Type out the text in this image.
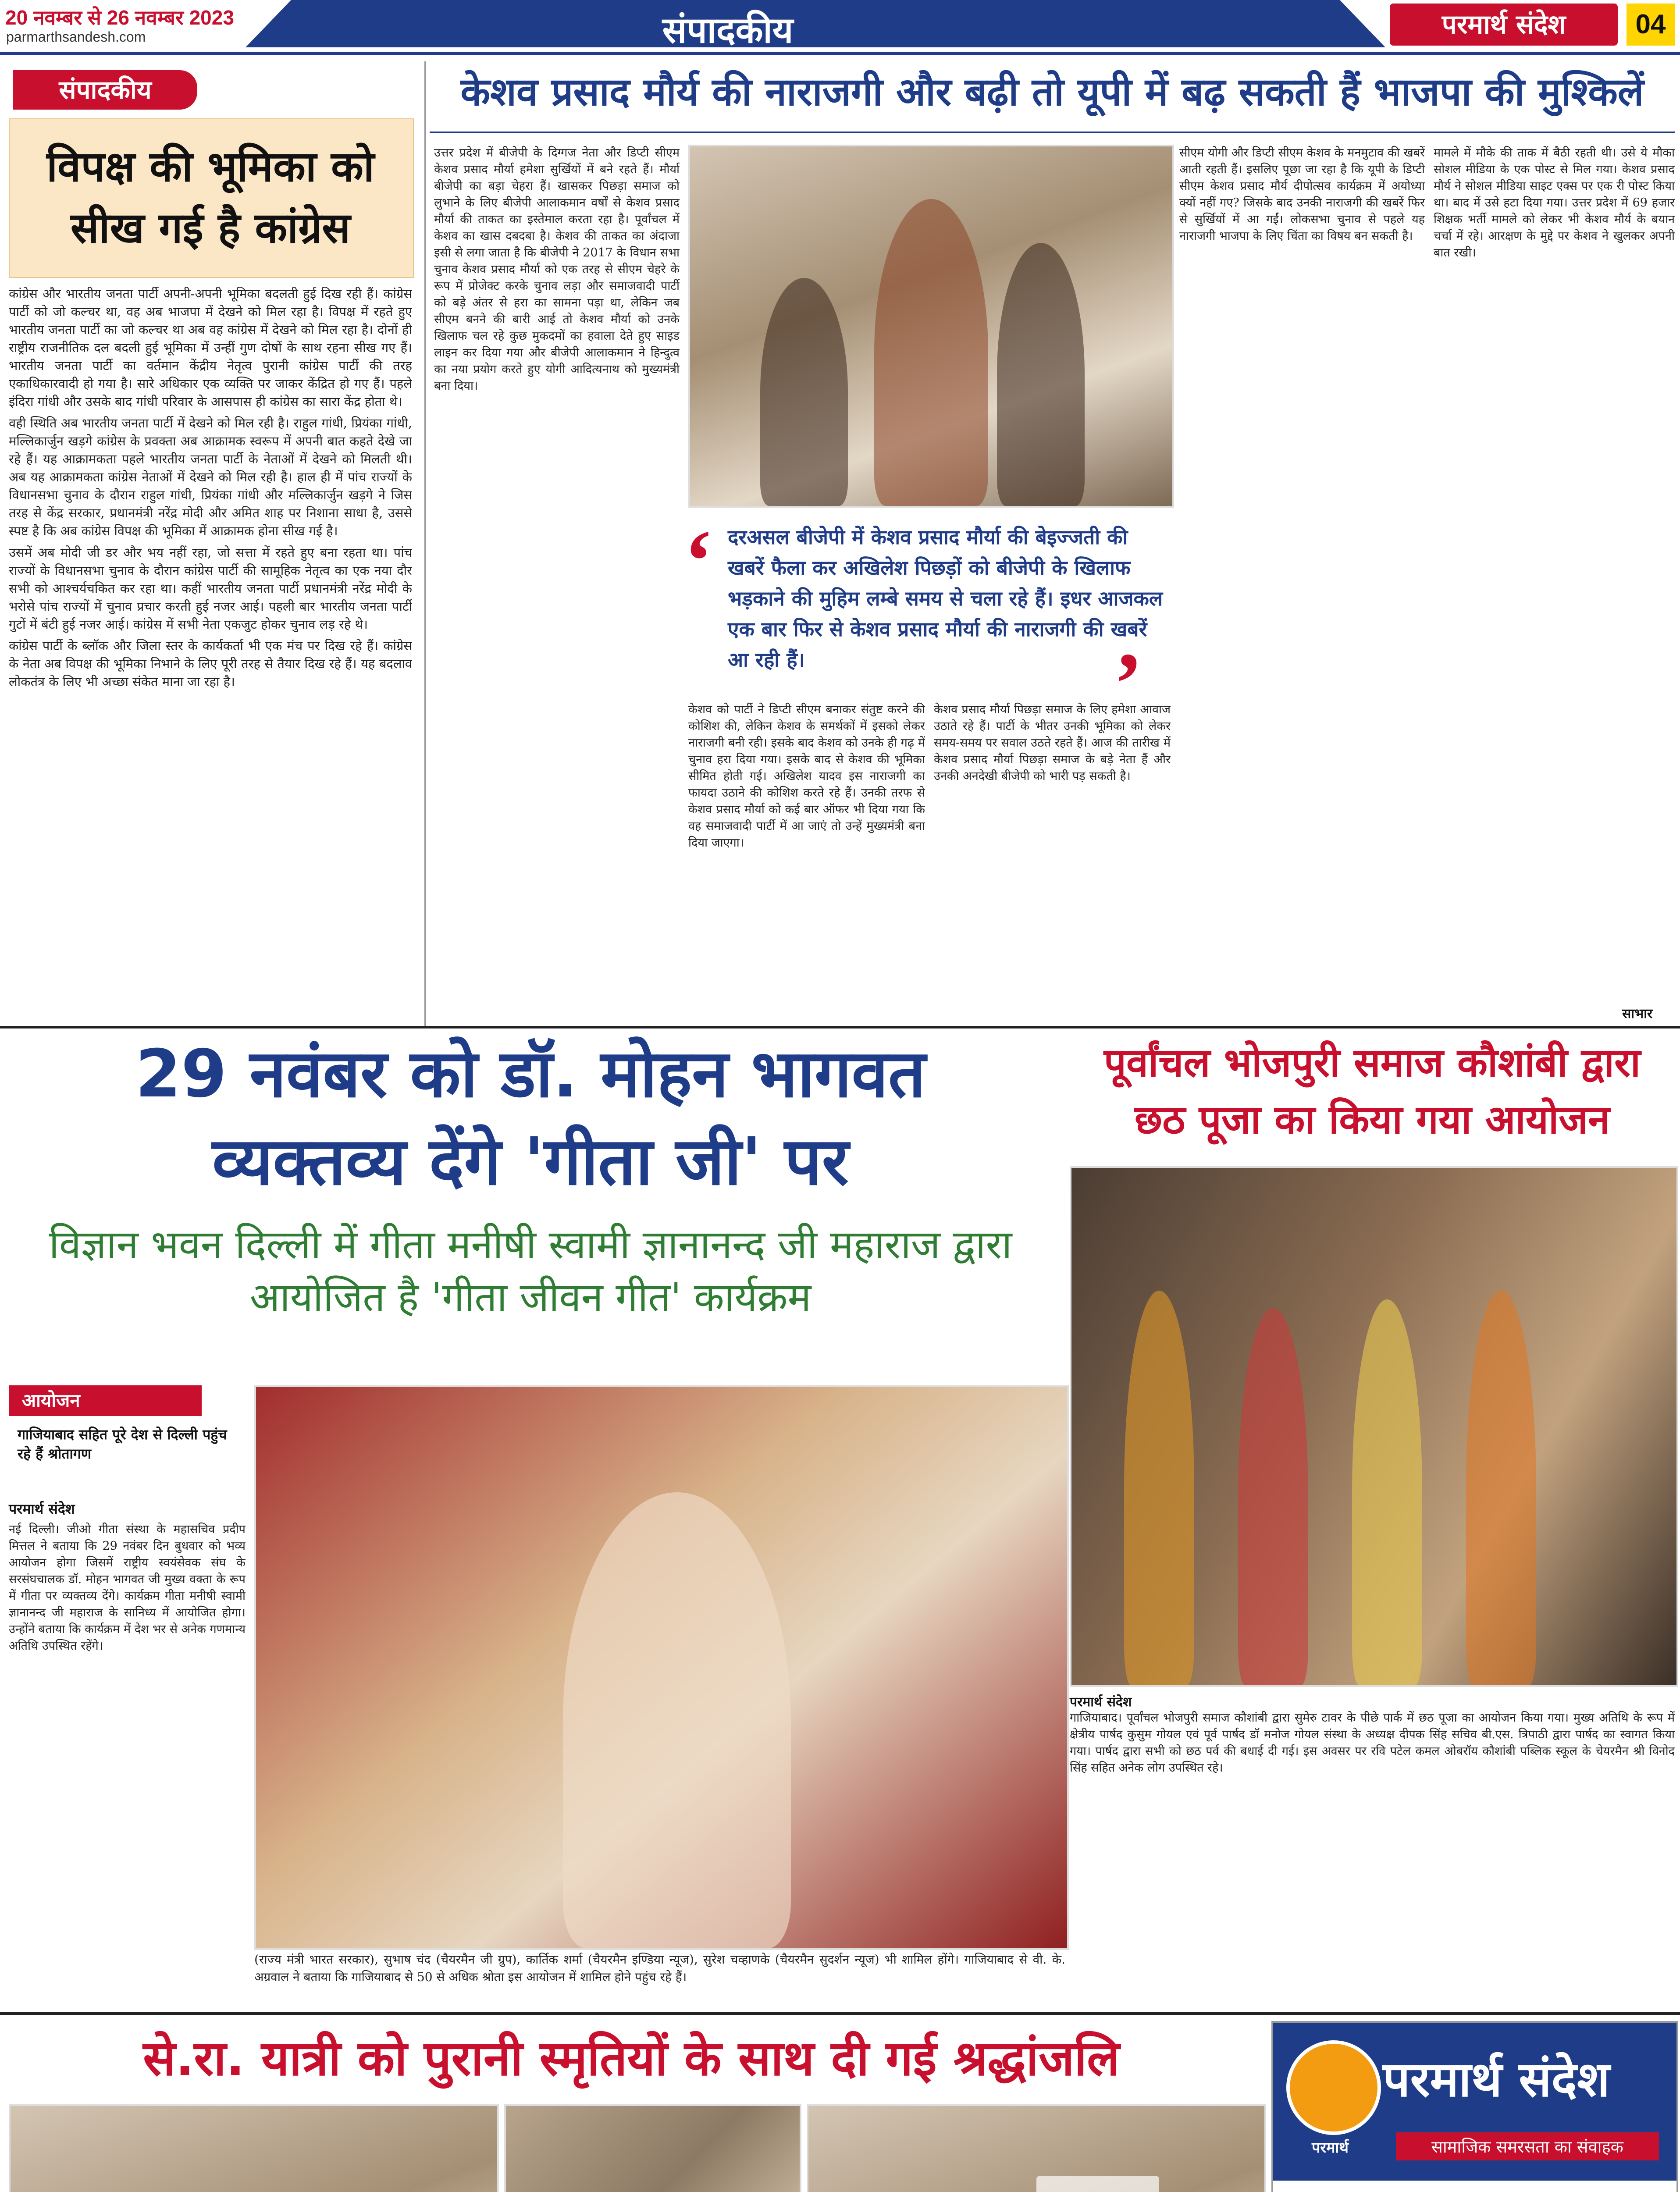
20 नवम्बर से 26 नवम्बर 2023
parmarthsandesh.com	संपादकीय	परमार्थ संदेश	04
संपादकीय
विपक्ष की भूमिका को सीख गई है कांग्रेस

कांग्रेस और भारतीय जनता पार्टी अपनी-अपनी भूमिका बदलती हुई दिख रही हैं। कांग्रेस पार्टी को जो कल्चर था, वह अब भाजपा में देखने को मिल रहा है। विपक्ष में रहते हुए भारतीय जनता पार्टी का जो कल्चर था अब वह कांग्रेस में देखने को मिल रहा है। दोनों ही राष्ट्रीय राजनीतिक दल बदली हुई भूमिका में उन्हीं गुण दोषों के साथ रहना सीख गए हैं। भारतीय जनता पार्टी का वर्तमान केंद्रीय नेतृत्व पुरानी कांग्रेस पार्टी की तरह एकाधिकारवादी हो गया है। सारे अधिकार एक व्यक्ति पर जाकर केंद्रित हो गए हैं। पहले इंदिरा गांधी और उसके बाद गांधी परिवार के आसपास ही कांग्रेस का सारा केंद्र होता थे।

वही स्थिति अब भारतीय जनता पार्टी में देखने को मिल रही है। राहुल गांधी, प्रियंका गांधी, मल्लिकार्जुन खड़गे कांग्रेस के प्रवक्ता अब आक्रामक स्वरूप में अपनी बात कहते देखे जा रहे हैं। यह आक्रामकता पहले भारतीय जनता पार्टी के नेताओं में देखने को मिलती थी। अब यह आक्रामकता कांग्रेस नेताओं में देखने को मिल रही है। हाल ही में पांच राज्यों के विधानसभा चुनाव के दौरान राहुल गांधी, प्रियंका गांधी और मल्लिकार्जुन खड़गे ने जिस तरह से केंद्र सरकार, प्रधानमंत्री नरेंद्र मोदी और अमित शाह पर निशाना साधा है, उससे स्पष्ट है कि अब कांग्रेस विपक्ष की भूमिका में आक्रामक होना सीख गई है।

उसमें अब मोदी जी डर और भय नहीं रहा, जो सत्ता में रहते हुए बना रहता था। पांच राज्यों के विधानसभा चुनाव के दौरान कांग्रेस पार्टी की सामूहिक नेतृत्व का एक नया दौर सभी को आश्चर्यचकित कर रहा था। कहीं भारतीय जनता पार्टी प्रधानमंत्री नरेंद्र मोदी के भरोसे पांच राज्यों में चुनाव प्रचार करती हुई नजर आई। पहली बार भारतीय जनता पार्टी गुटों में बंटी हुई नजर आई। कांग्रेस में सभी नेता एकजुट होकर चुनाव लड़ रहे थे।

कांग्रेस पार्टी के ब्लॉक और जिला स्तर के कार्यकर्ता भी एक मंच पर दिख रहे हैं। कांग्रेस के नेता अब विपक्ष की भूमिका निभाने के लिए पूरी तरह से तैयार दिख रहे हैं। यह बदलाव लोकतंत्र के लिए भी अच्छा संकेत माना जा रहा है।

केशव प्रसाद मौर्य की नाराजगी और बढ़ी तो यूपी में बढ़ सकती हैं भाजपा की मुश्किलें
उत्तर प्रदेश में बीजेपी के दिग्गज नेता और डिप्टी सीएम केशव प्रसाद मौर्या हमेशा सुर्खियों में बने रहते हैं। मौर्या बीजेपी का बड़ा चेहरा हैं। खासकर पिछड़ा समाज को लुभाने के लिए बीजेपी आलाकमान वर्षों से केशव प्रसाद मौर्या की ताकत का इस्तेमाल करता रहा है। पूर्वांचल में केशव का खास दबदबा है। केशव की ताकत का अंदाजा इसी से लगा जाता है कि बीजेपी ने 2017 के विधान सभा चुनाव केशव प्रसाद मौर्या को एक तरह से सीएम चेहरे के रूप में प्रोजेक्ट करके चुनाव लड़ा और समाजवादी पार्टी को बड़े अंतर से हरा का सामना पड़ा था, लेकिन जब सीएम बनने की बारी आई तो केशव मौर्या को उनके खिलाफ चल रहे कुछ मुकदमों का हवाला देते हुए साइड लाइन कर दिया गया और बीजेपी आलाकमान ने हिन्दुत्व का नया प्रयोग करते हुए योगी आदित्यनाथ को मुख्यमंत्री बना दिया।
‘ दरअसल बीजेपी में केशव प्रसाद मौर्या की बेइज्जती की खबरें फैला कर अखिलेश पिछड़ों को बीजेपी के खिलाफ भड़काने की मुहिम लम्बे समय से चला रहे हैं। इधर आजकल एक बार फिर से केशव प्रसाद मौर्या की नाराजगी की खबरें आ रही हैं।	’
केशव को पार्टी ने डिप्टी सीएम बनाकर संतुष्ट करने की कोशिश की, लेकिन केशव के समर्थकों में इसको लेकर नाराजगी बनी रही। इसके बाद केशव को उनके ही गढ़ में चुनाव हरा दिया गया। इसके बाद से केशव की भूमिका सीमित होती गई। अखिलेश यादव इस नाराजगी का फायदा उठाने की कोशिश करते रहे हैं। उनकी तरफ से केशव प्रसाद मौर्या को कई बार ऑफर भी दिया गया कि वह समाजवादी पार्टी में आ जाएं तो उन्हें मुख्यमंत्री बना दिया जाएगा।
केशव प्रसाद मौर्या पिछड़ा समाज के लिए हमेशा आवाज उठाते रहे हैं। पार्टी के भीतर उनकी भूमिका को लेकर समय-समय पर सवाल उठते रहते हैं। आज की तारीख में केशव प्रसाद मौर्या पिछड़ा समाज के बड़े नेता हैं और उनकी अनदेखी बीजेपी को भारी पड़ सकती है।
सीएम योगी और डिप्टी सीएम केशव के मनमुटाव की खबरें आती रहती हैं। इसलिए पूछा जा रहा है कि यूपी के डिप्टी सीएम केशव प्रसाद मौर्य दीपोत्सव कार्यक्रम में अयोध्या क्यों नहीं गए? जिसके बाद उनकी नाराजगी की खबरें फिर से सुर्खियों में आ गईं। लोकसभा चुनाव से पहले यह नाराजगी भाजपा के लिए चिंता का विषय बन सकती है।
मामले में मौके की ताक में बैठी रहती थी। उसे ये मौका सोशल मीडिया के एक पोस्ट से मिल गया। केशव प्रसाद मौर्य ने सोशल मीडिया साइट एक्स पर एक री पोस्ट किया था। बाद में उसे हटा दिया गया। उत्तर प्रदेश में 69 हजार शिक्षक भर्ती मामले को लेकर भी केशव मौर्य के बयान चर्चा में रहे। आरक्षण के मुद्दे पर केशव ने खुलकर अपनी बात रखी।
साभार
29 नवंबर को डॉ. मोहन भागवत
व्यक्तव्य देंगे 'गीता जी' पर
विज्ञान भवन दिल्ली में गीता मनीषी स्वामी ज्ञानानन्द जी महाराज द्वारा आयोजित है 'गीता जीवन गीत' कार्यक्रम
आयोजन
गाजियाबाद सहित पूरे देश से दिल्ली पहुंच रहे हैं श्रोतागण
परमार्थ संदेश
नई दिल्ली। जीओ गीता संस्था के महासचिव प्रदीप मित्तल ने बताया कि 29 नवंबर दिन बुधवार को भव्य आयोजन होगा जिसमें राष्ट्रीय स्वयंसेवक संघ के सरसंघचालक डॉ. मोहन भागवत जी मुख्य वक्ता के रूप में गीता पर व्यक्तव्य देंगे। कार्यक्रम गीता मनीषी स्वामी ज्ञानानन्द जी महाराज के सानिध्य में आयोजित होगा। उन्होंने बताया कि कार्यक्रम में देश भर से अनेक गणमान्य अतिथि उपस्थित रहेंगे।
(राज्य मंत्री भारत सरकार), सुभाष चंद (चैयरमैन जी ग्रुप), कार्तिक शर्मा (चैयरमैन इण्डिया न्यूज), सुरेश चव्हाणके (चैयरमैन सुदर्शन न्यूज) भी शामिल होंगे। गाजियाबाद से वी. के. अग्रवाल ने बताया कि गाजियाबाद से 50 से अधिक श्रोता इस आयोजन में शामिल होने पहुंच रहे हैं।
पूर्वांचल भोजपुरी समाज कौशांबी द्वारा
छठ पूजा का किया गया आयोजन
परमार्थ संदेश
गाजियाबाद। पूर्वांचल भोजपुरी समाज कौशांबी द्वारा सुमेरु टावर के पीछे पार्क में छठ पूजा का आयोजन किया गया। मुख्य अतिथि के रूप में क्षेत्रीय पार्षद कुसुम गोयल एवं पूर्व पार्षद डॉ मनोज गोयल संस्था के अध्यक्ष दीपक सिंह सचिव बी.एस. त्रिपाठी द्वारा पार्षद का स्वागत किया गया। पार्षद द्वारा सभी को छठ पर्व की बधाई दी गई। इस अवसर पर रवि पटेल कमल ओबरॉय कौशांबी पब्लिक स्कूल के चेयरमैन श्री विनोद सिंह सहित अनेक लोग उपस्थित रहे।
से.रा. यात्री को पुरानी स्मृतियों के साथ दी गई श्रद्धांजलि
परमार्थ
परमार्थ संदेश
सामाजिक समरसता का संवाहक
